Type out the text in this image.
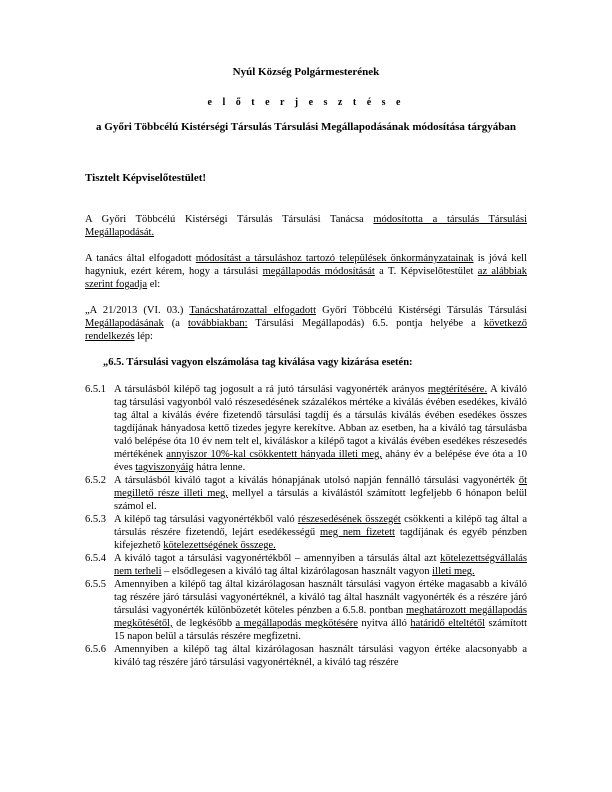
Nyúl Község Polgármesterének
e l ő t e r j e s z t é s e
a Győri Többcélú Kistérségi Társulás Társulási Megállapodásának módosítása tárgyában
Tisztelt Képviselőtestület!
A Győri Többcélú Kistérségi Társulás Társulási Tanácsa módosította a társulás Társulási Megállapodását.
A tanács által elfogadott módosítást a társuláshoz tartozó települések önkormányzatainak is jóvá kell hagyniuk, ezért kérem, hogy a társulási megállapodás módosítását a T. Képviselőtestület az alábbiak szerint fogadja el:
„A 21/2013 (VI. 03.) Tanácshatározattal elfogadott Győri Többcélú Kistérségi Társulás Társulási Megállapodásának (a továbbiakban: Társulási Megállapodás) 6.5. pontja helyébe a következő rendelkezés lép:
„6.5. Társulási vagyon elszámolása tag kiválása vagy kizárása esetén:
6.5.1 A társulásból kilépő tag jogosult a rá jutó társulási vagyonérték arányos megtérítésére. A kiváló tag társulási vagyonból való részesedésének százalékos mértéke a kiválás évében esedékes, kiváló tag által a kiválás évére fizetendő társulási tagdíj és a társulás kiválás évében esedékes összes tagdíjának hányadosa kettő tizedes jegyre kerekítve. Abban az esetben, ha a kiváló tag társulásba való belépése óta 10 év nem telt el, kiváláskor a kilépő tagot a kiválás évében esedékes részesedés mértékének annyiszor 10%-kal csökkentett hányada illeti meg, ahány év a belépése éve óta a 10 éves tagviszonyáig hátra lenne.
6.5.2 A társulásból kiváló tagot a kiválás hónapjának utolsó napján fennálló társulási vagyonérték őt megillető része illeti meg, mellyel a társulás a kiválástól számított legfeljebb 6 hónapon belül számol el.
6.5.3 A kilépő tag társulási vagyonértékből való részesedésének összegét csökkenti a kilépő tag által a társulás részére fizetendő, lejárt esedékességű meg nem fizetett tagdíjának és egyéb pénzben kifejezhető kötelezettségének összege.
6.5.4 A kiváló tagot a társulási vagyonértékből – amennyiben a társulás által azt kötelezettségvállalás nem terheli – elsődlegesen a kiváló tag által kizárólagosan használt vagyon illeti meg.
6.5.5 Amennyiben a kilépő tag által kizárólagosan használt társulási vagyon értéke magasabb a kiváló tag részére járó társulási vagyonértéknél, a kiváló tag által használt vagyonérték és a részére járó társulási vagyonérték különbözetét köteles pénzben a 6.5.8. pontban meghatározott megállapodás megkötésétől, de legkésőbb a megállapodás megkötésére nyitva álló határidő elteltétől számított 15 napon belül a társulás részére megfizetni.
6.5.6 Amennyiben a kilépő tag által kizárólagosan használt társulási vagyon értéke alacsonyabb a kiváló tag részére járó társulási vagyonértéknél, a kiváló tag részére
